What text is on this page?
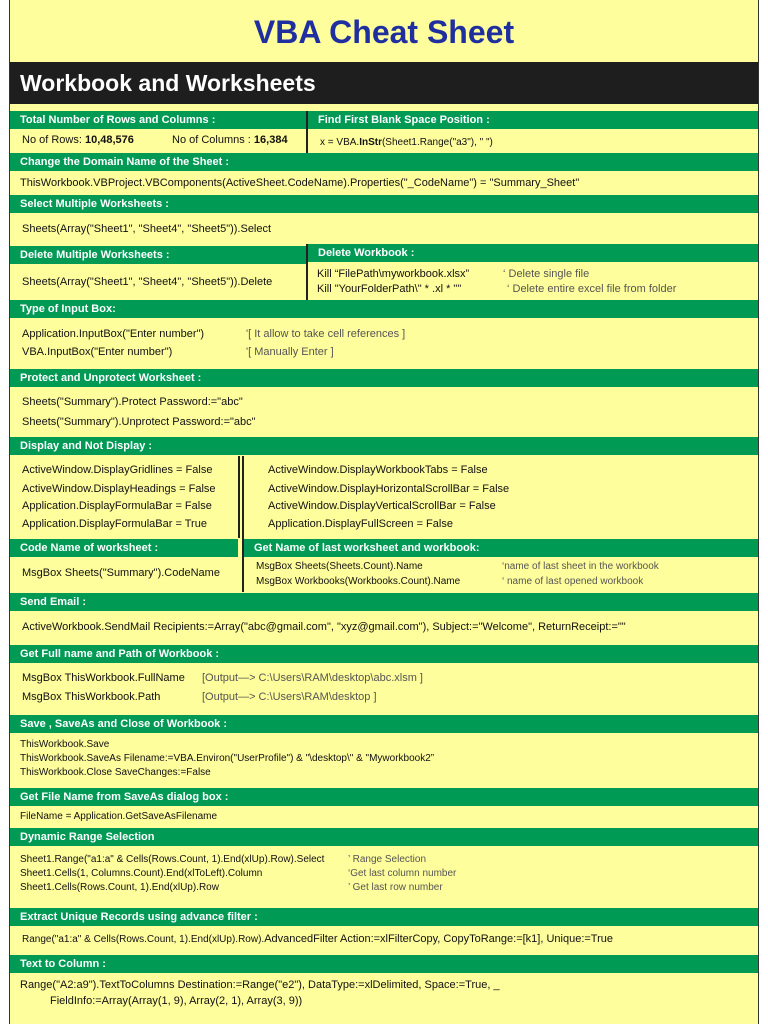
VBA Cheat Sheet
Workbook and Worksheets
Total Number of Rows and Columns :	Find First Blank Space Position :
No of Rows: 10,48,576	No of Columns : 16,384	x = VBA.InStr(Sheet1.Range("a3"), " ")
Change the Domain Name of the Sheet :
ThisWorkbook.VBProject.VBComponents(ActiveSheet.CodeName).Properties("_CodeName") = "Summary_Sheet"
Select Multiple Worksheets :
Sheets(Array("Sheet1", "Sheet4", "Sheet5")).Select
Delete Multiple Worksheets :	Delete Workbook :
Sheets(Array("Sheet1", "Sheet4", "Sheet5")).Delete
Kill “FilePath\myworkbook.xlsx”	‘ Delete single file
Kill "YourFolderPath\" * .xl * ""	‘ Delete entire excel file from folder
Type of Input Box:
Application.InputBox("Enter number")	'[ It allow to take cell references ]
VBA.InputBox("Enter number")	'[ Manually Enter ]
Protect and Unprotect Worksheet :
Sheets("Summary").Protect Password:="abc"
Sheets("Summary").Unprotect Password:="abc"
Display and Not Display :
ActiveWindow.DisplayGridlines = False
ActiveWindow.DisplayHeadings = False
Application.DisplayFormulaBar = False
Application.DisplayFormulaBar = True
ActiveWindow.DisplayWorkbookTabs = False
ActiveWindow.DisplayHorizontalScrollBar = False
ActiveWindow.DisplayVerticalScrollBar = False
Application.DisplayFullScreen = False
Code Name of worksheet :	Get Name of last worksheet and workbook:
MsgBox Sheets("Summary").CodeName
MsgBox Sheets(Sheets.Count).Name	‘name of last sheet in the workbook
MsgBox Workbooks(Workbooks.Count).Name	‘ name of last opened workbook
Send Email :
ActiveWorkbook.SendMail Recipients:=Array("abc@gmail.com", "xyz@gmail.com"), Subject:="Welcome", ReturnReceipt:=""
Get Full name and Path of Workbook :
MsgBox ThisWorkbook.FullName [Output—> C:\Users\RAM\desktop\abc.xlsm ]
MsgBox ThisWorkbook.Path	[Output—> C:\Users\RAM\desktop ]
Save , SaveAs and Close of Workbook :
ThisWorkbook.Save
ThisWorkbook.SaveAs Filename:=VBA.Environ("UserProfile") & "\desktop\" & "Myworkbook2”
ThisWorkbook.Close SaveChanges:=False
Get File Name from SaveAs dialog box :
FileName = Application.GetSaveAsFilename
Dynamic Range Selection
Sheet1.Range("a1:a" & Cells(Rows.Count, 1).End(xlUp).Row).Select ’ Range Selection
Sheet1.Cells(1, Columns.Count).End(xlToLeft).Column	‘Get last column number
Sheet1.Cells(Rows.Count, 1).End(xlUp).Row	’ Get last row number
Extract Unique Records using advance filter :
Range("a1:a" & Cells(Rows.Count, 1).End(xlUp).Row).AdvancedFilter Action:=xlFilterCopy, CopyToRange:=[k1], Unique:=True
Text to Column :
Range("A2:a9").TextToColumns Destination:=Range("e2"), DataType:=xlDelimited, Space:=True, _
FieldInfo:=Array(Array(1, 9), Array(2, 1), Array(3, 9))
